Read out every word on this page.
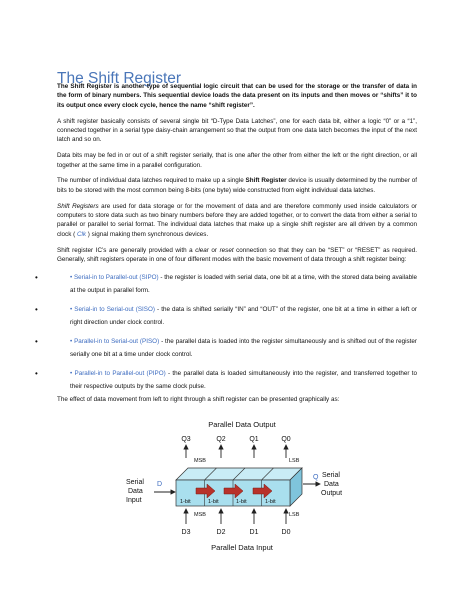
The Shift Register

The Shift Register is another type of sequential logic circuit that can be used for the storage or the transfer of data in the form of binary numbers. This sequential device loads the data present on its inputs and then moves or “shifts” it to its output once every clock cycle, hence the name “shift register”.

A shift register basically consists of several single bit “D-Type Data Latches”, one for each data bit, either a logic “0” or a “1”, connected together in a serial type daisy-chain arrangement so that the output from one data latch becomes the input of the next latch and so on.

Data bits may be fed in or out of a shift register serially, that is one after the other from either the left or the right direction, or all together at the same time in a parallel configuration.

The number of individual data latches required to make up a single Shift Register device is usually determined by the number of bits to be stored with the most common being 8-bits (one byte) wide constructed from eight individual data latches.

Shift Registers are used for data storage or for the movement of data and are therefore commonly used inside calculators or computers to store data such as two binary numbers before they are added together, or to convert the data from either a serial to parallel or parallel to serial format. The individual data latches that make up a single shift register are all driven by a common clock ( Clk ) signal making them synchronous devices.

Shift register IC’s are generally provided with a clear or reset connection so that they can be “SET” or “RESET” as required. Generally, shift registers operate in one of four different modes with the basic movement of data through a shift register being:

•	• Serial-in to Parallel-out (SIPO) - the register is loaded with serial data, one bit at a time, with the stored data being available at the output in parallel form.
•	• Serial-in to Serial-out (SISO) - the data is shifted serially “IN” and “OUT” of the register, one bit at a time in either a left or right direction under clock control.
•	• Parallel-in to Serial-out (PISO) - the parallel data is loaded into the register simultaneously and is shifted out of the register serially one bit at a time under clock control.
•	• Parallel-in to Parallel-out (PIPO) - the parallel data is loaded simultaneously into the register, and transferred together to their respective outputs by the same clock pulse.

The effect of data movement from left to right through a shift register can be presented graphically as:

Parallel Data Output
Q3	Q2	Q1	Q0
MSB	LSB
1-bit	1-bit	1-bit	1-bit
Serial
Data
Input
D
Q Serial
Data
Output
MSB	LSB
D3	D2	D1	D0
Parallel Data Input
